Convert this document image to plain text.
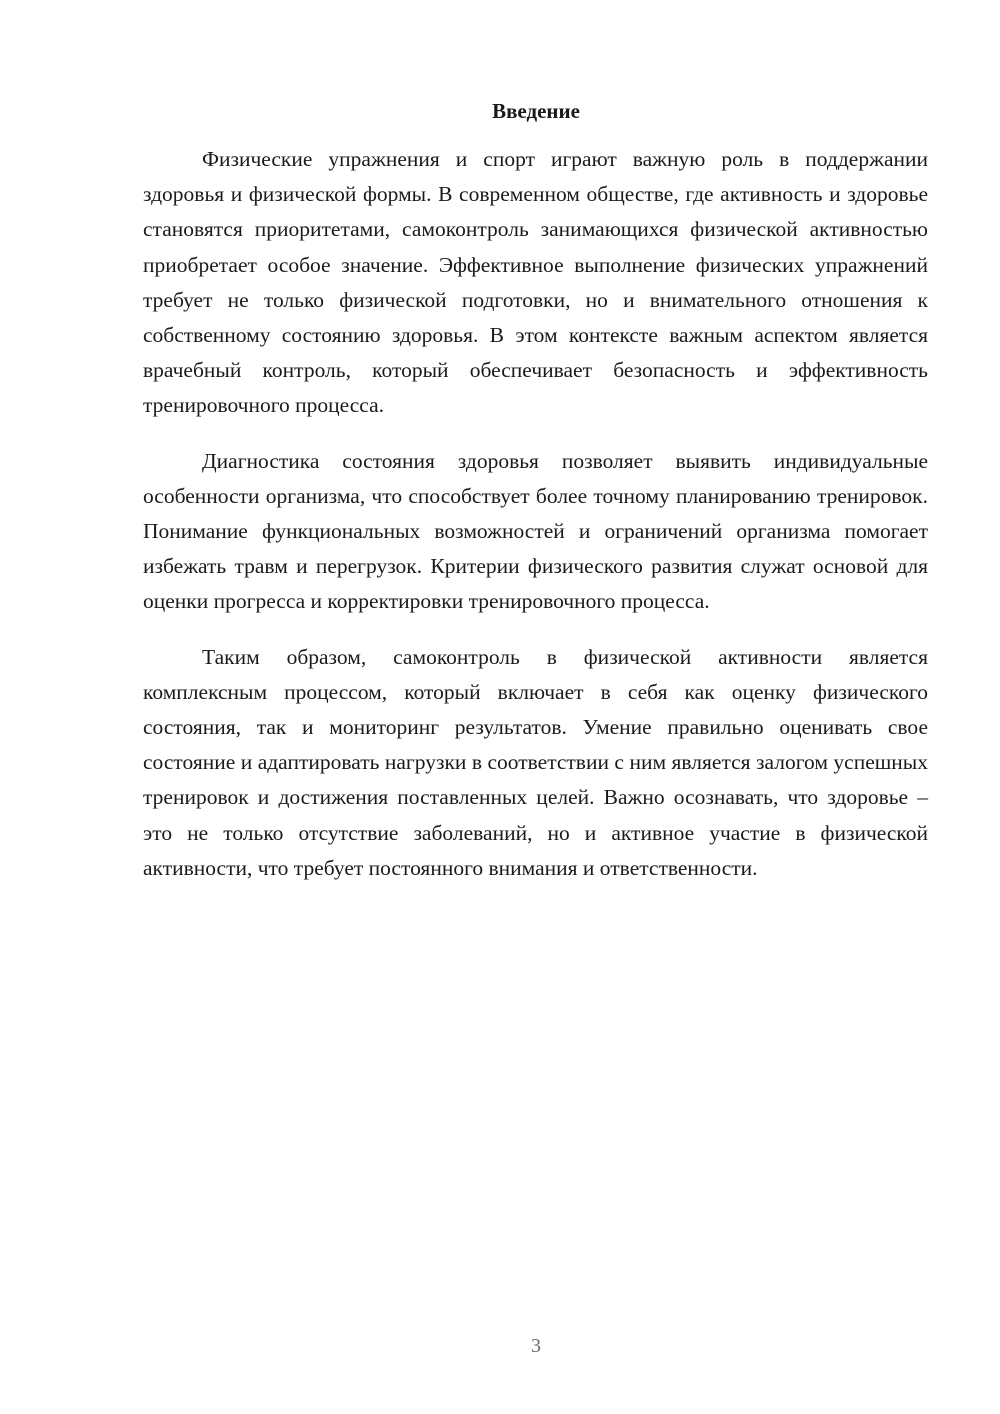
Введение

Физические упражнения и спорт играют важную роль в поддержании здоровья и физической формы. В современном обществе, где активность и здоровье становятся приоритетами, самоконтроль занимающихся физической активностью приобретает особое значение. Эффективное выполнение физических упражнений требует не только физической подготовки, но и внимательного отношения к собственному состоянию здоровья. В этом контексте важным аспектом является врачебный контроль, который обеспечивает безопасность и эффективность тренировочного процесса.

Диагностика состояния здоровья позволяет выявить индивидуальные особенности организма, что способствует более точному планированию тренировок. Понимание функциональных возможностей и ограничений организма помогает избежать травм и перегрузок. Критерии физического развития служат основой для оценки прогресса и корректировки тренировочного процесса.

Таким образом, самоконтроль в физической активности является комплексным процессом, который включает в себя как оценку физического состояния, так и мониторинг результатов. Умение правильно оценивать свое состояние и адаптировать нагрузки в соответствии с ним является залогом успешных тренировок и достижения поставленных целей. Важно осознавать, что здоровье – это не только отсутствие заболеваний, но и активное участие в физической активности, что требует постоянного внимания и ответственности.

3
